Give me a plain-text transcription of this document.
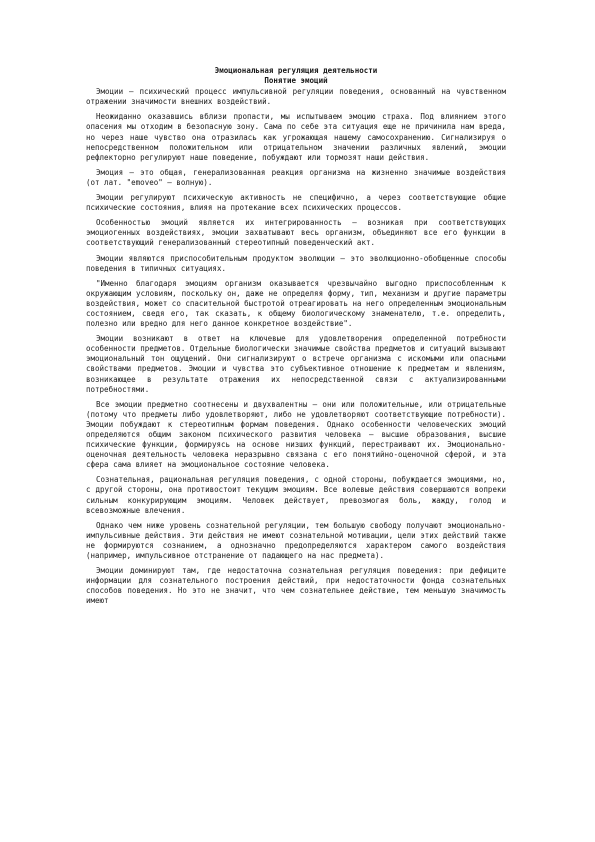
Эмоциональная регуляция деятельности

Понятие эмоций

Эмоции – психический процесс импульсивной регуляции поведения, основанный на чувственном отражении значимости внешних воздействий.

Неожиданно оказавшись вблизи пропасти, мы испытываем эмоцию страха. Под влиянием этого опасения мы отходим в безопасную зону. Сама по себе эта ситуация еще не причинила нам вреда, но через наше чувство она отразилась как угрожающая нашему самосохранению. Сигнализируя о непосредственном положительном или отрицательном значении различных явлений, эмоции рефлекторно регулируют наше поведение, побуждают или тормозят наши действия.

Эмоция – это общая, генерализованная реакция организма на жизненно значимые воздействия (от лат. "emoveo" – волную).

Эмоции регулируют психическую активность не специфично, а через соответствующие общие психические состояния, влияя на протекание всех психических процессов.

Особенностью эмоций является их интегрированность – возникая при соответствующих эмоциогенных воздействиях, эмоции захватывают весь организм, объединяют все его функции в соответствующий генерализованный стереотипный поведенческий акт.

Эмоции являются приспособительным продуктом эволюции – это эволюционно-обобщенные способы поведения в типичных ситуациях.

"Именно благодаря эмоциям организм оказывается чрезвычайно выгодно приспособленным к окружающим условиям, поскольку он, даже не определяя форму, тип, механизм и другие параметры воздействия, может со спасительной быстротой отреагировать на него определенным эмоциональным состоянием, сведя его, так сказать, к общему биологическому знаменателю, т.е. определить, полезно или вредно для него данное конкретное воздействие".

Эмоции возникают в ответ на ключевые для удовлетворения определенной потребности особенности предметов. Отдельные биологически значимые свойства предметов и ситуаций вызывают эмоциональный тон ощущений. Они сигнализируют о встрече организма с искомыми или опасными свойствами предметов. Эмоции и чувства это субъективное отношение к предметам и явлениям, возникающее в результате отражения их непосредственной связи с актуализированными потребностями.

Все эмоции предметно соотнесены и двухвалентны – они или положительные, или отрицательные (потому что предметы либо удовлетворяют, либо не удовлетворяют соответствующие потребности). Эмоции побуждают к стереотипным формам поведения. Однако особенности человеческих эмоций определяются общим законом психического развития человека – высшие образования, высшие психические функции, формируясь на основе низших функций, перестраивают их. Эмоционально-оценочная деятельность человека неразрывно связана с его понятийно-оценочной сферой, и эта сфера сама влияет на эмоциональное состояние человека.

Сознательная, рациональная регуляция поведения, с одной стороны, побуждается эмоциями, но, с другой стороны, она противостоит текущим эмоциям. Все волевые действия совершаются вопреки сильным конкурирующим эмоциям. Человек действует, превозмогая боль, жажду, голод и всевозможные влечения.

Однако чем ниже уровень сознательной регуляции, тем большую свободу получают эмоционально-импульсивные действия. Эти действия не имеют сознательной мотивации, цели этих действий также не формируются сознанием, а однозначно предопределяются характером самого воздействия (например, импульсивное отстранение от падающего на нас предмета).

Эмоции доминируют там, где недостаточна сознательная регуляция поведения: при дефиците информации для сознательного построения действий, при недостаточности фонда сознательных способов поведения. Но это не значит, что чем сознательнее действие, тем меньшую значимость имеют
